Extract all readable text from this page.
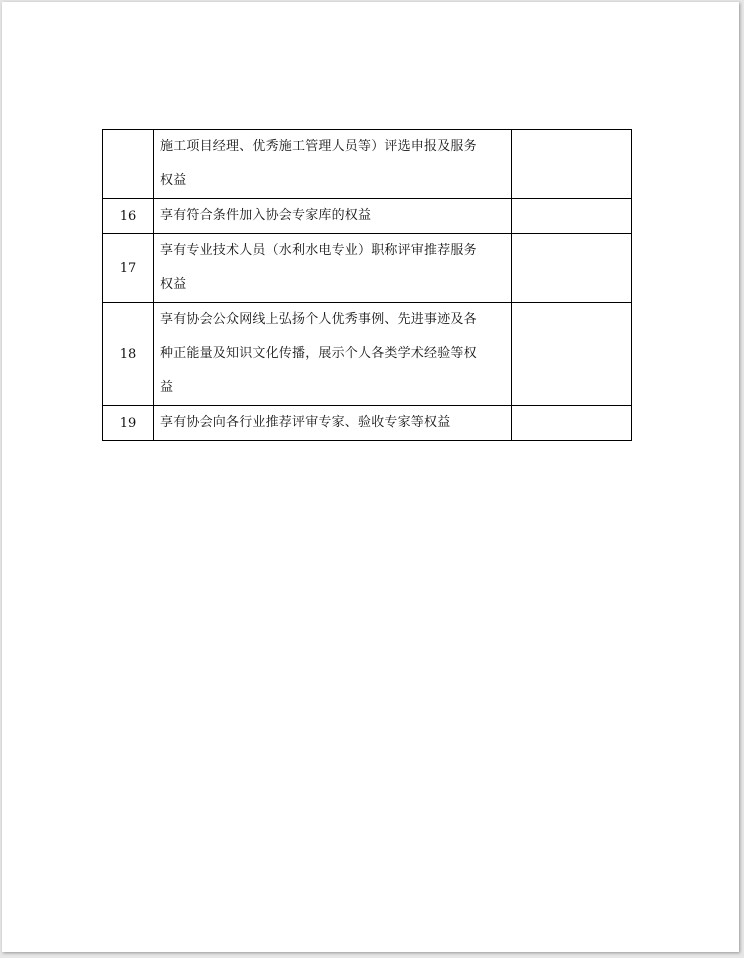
	施工项目经理、优秀施工管理人员等）评选申报及服务
权益	

16	享有符合条件加入协会专家库的权益	

17	享有专业技术人员（水利水电专业）职称评审推荐服务
权益	

18	享有协会公众网线上弘扬个人优秀事例、先进事迹及各
种正能量及知识文化传播，展示个人各类学术经验等权
益	

19	享有协会向各行业推荐评审专家、验收专家等权益	
